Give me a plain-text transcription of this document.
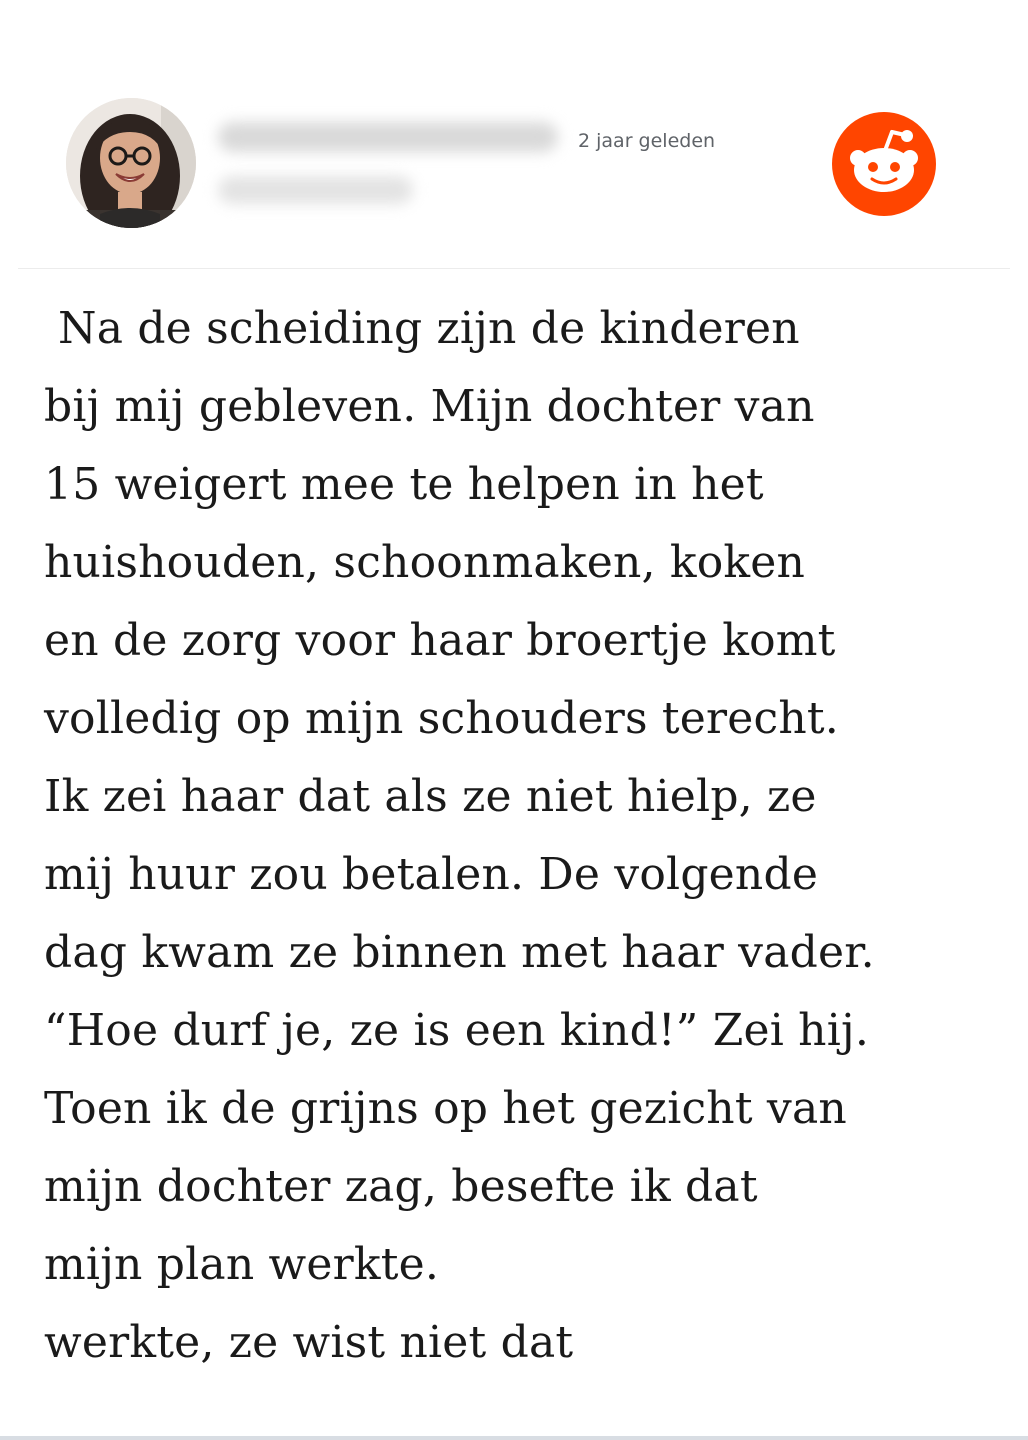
2 jaar geleden
Na de scheiding zijn de kinderen
bij mij gebleven. Mijn dochter van
15 weigert mee te helpen in het
huishouden, schoonmaken, koken
en de zorg voor haar broertje komt
volledig op mijn schouders terecht.
Ik zei haar dat als ze niet hielp, ze
mij huur zou betalen. De volgende
dag kwam ze binnen met haar vader.
“Hoe durf je, ze is een kind!” Zei hij.
Toen ik de grijns op het gezicht van
mijn dochter zag, besefte ik dat
mijn plan werkte.
werkte, ze wist niet dat
